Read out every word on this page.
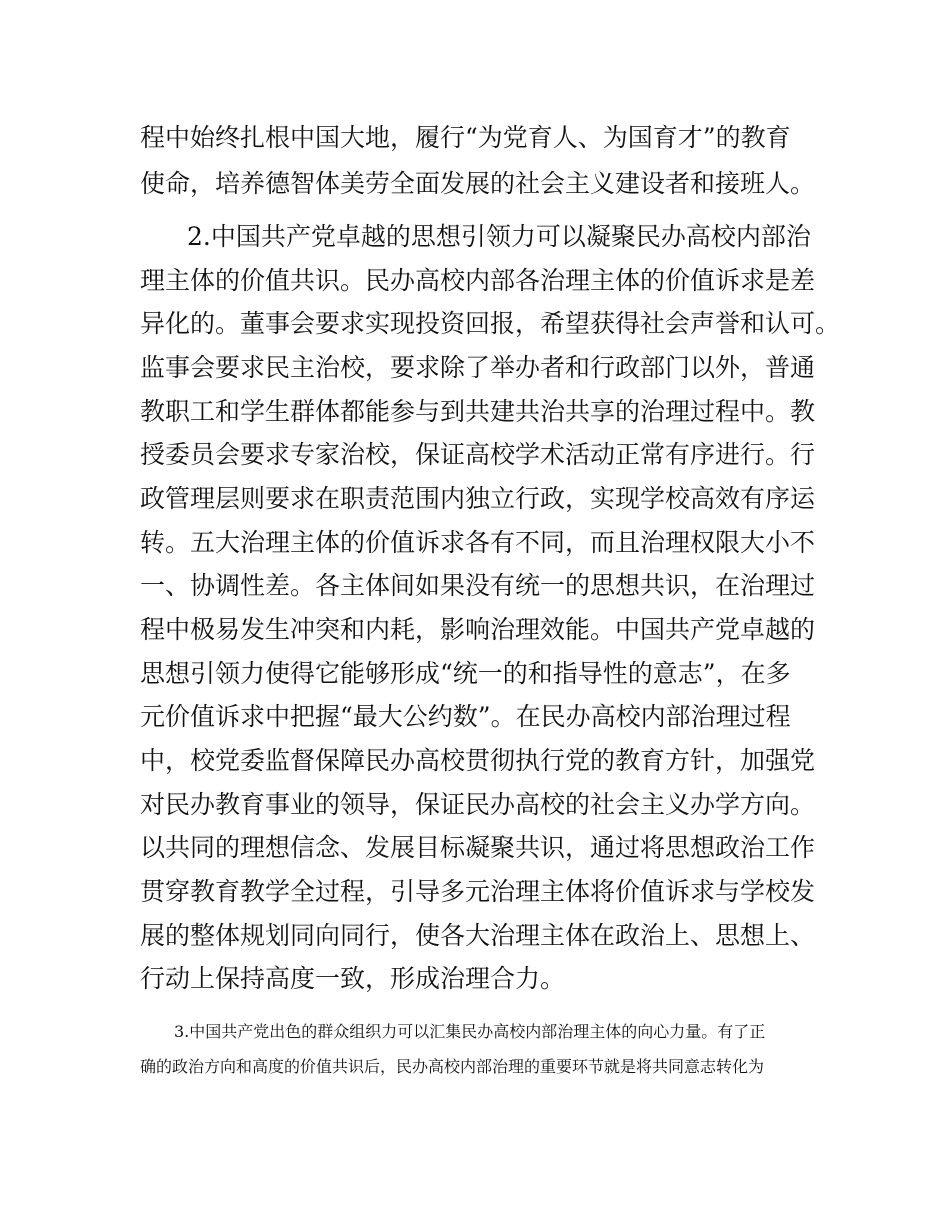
程中始终扎根中国大地，履行“为党育人、为国育才”的教育
使命，培养德智体美劳全面发展的社会主义建设者和接班人。
2.中国共产党卓越的思想引领力可以凝聚民办高校内部治
理主体的价值共识。民办高校内部各治理主体的价值诉求是差
异化的。董事会要求实现投资回报，希望获得社会声誉和认可。
监事会要求民主治校，要求除了举办者和行政部门以外，普通
教职工和学生群体都能参与到共建共治共享的治理过程中。教
授委员会要求专家治校，保证高校学术活动正常有序进行。行
政管理层则要求在职责范围内独立行政，实现学校高效有序运
转。五大治理主体的价值诉求各有不同，而且治理权限大小不
一、协调性差。各主体间如果没有统一的思想共识，在治理过
程中极易发生冲突和内耗，影响治理效能。中国共产党卓越的
思想引领力使得它能够形成“统一的和指导性的意志”，在多
元价值诉求中把握“最大公约数”。在民办高校内部治理过程
中，校党委监督保障民办高校贯彻执行党的教育方针，加强党
对民办教育事业的领导，保证民办高校的社会主义办学方向。
以共同的理想信念、发展目标凝聚共识，通过将思想政治工作
贯穿教育教学全过程，引导多元治理主体将价值诉求与学校发
展的整体规划同向同行，使各大治理主体在政治上、思想上、
行动上保持高度一致，形成治理合力。
3.中国共产党出色的群众组织力可以汇集民办高校内部治理主体的向心力量。有了正
确的政治方向和高度的价值共识后，民办高校内部治理的重要环节就是将共同意志转化为
